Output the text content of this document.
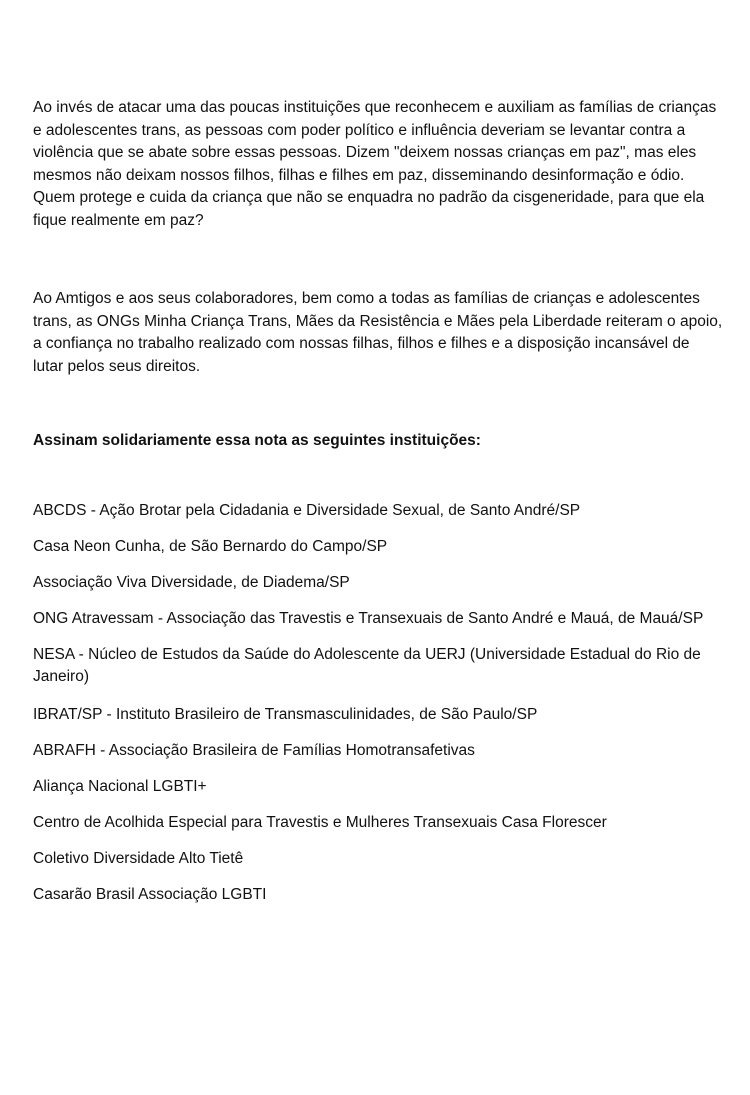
Ao invés de atacar uma das poucas instituições que reconhecem e auxiliam as famílias de crianças e adolescentes trans, as pessoas com poder político e influência deveriam se levantar contra a violência que se abate sobre essas pessoas. Dizem "deixem nossas crianças em paz", mas eles mesmos não deixam nossos filhos, filhas e filhes em paz, disseminando desinformação e ódio. Quem protege e cuida da criança que não se enquadra no padrão da cisgeneridade, para que ela fique realmente em paz?

Ao Amtigos e aos seus colaboradores, bem como a todas as famílias de crianças e adolescentes trans, as ONGs Minha Criança Trans, Mães da Resistência e Mães pela Liberdade reiteram o apoio, a confiança no trabalho realizado com nossas filhas, filhos e filhes e a disposição incansável de lutar pelos seus direitos.

Assinam solidariamente essa nota as seguintes instituições:

ABCDS - Ação Brotar pela Cidadania e Diversidade Sexual, de Santo André/SP
Casa Neon Cunha, de São Bernardo do Campo/SP
Associação Viva Diversidade, de Diadema/SP
ONG Atravessam - Associação das Travestis e Transexuais de Santo André e Mauá, de Mauá/SP
NESA - Núcleo de Estudos da Saúde do Adolescente da UERJ (Universidade Estadual do Rio de Janeiro)
IBRAT/SP - Instituto Brasileiro de Transmasculinidades, de São Paulo/SP
ABRAFH - Associação Brasileira de Famílias Homotransafetivas
Aliança Nacional LGBTI+
Centro de Acolhida Especial para Travestis e Mulheres Transexuais Casa Florescer
Coletivo Diversidade Alto Tietê
Casarão Brasil Associação LGBTI
